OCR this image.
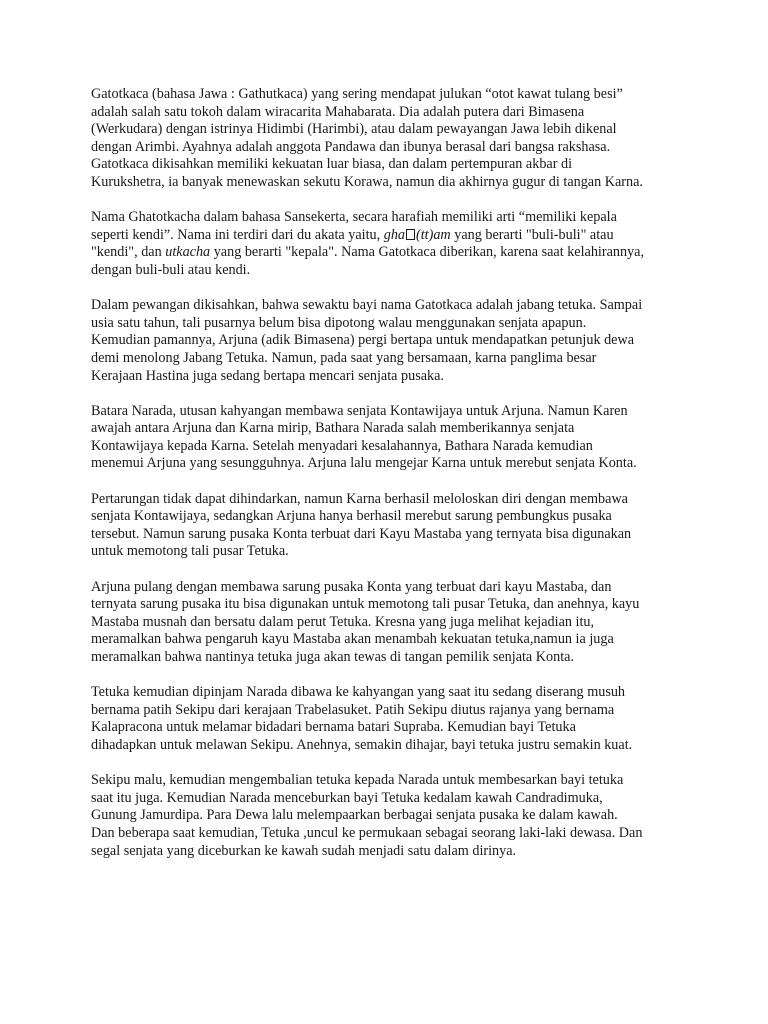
Gatotkaca (bahasa Jawa : Gathutkaca) yang sering mendapat julukan “otot kawat tulang besi”
adalah salah satu tokoh dalam wiracarita Mahabarata. Dia adalah putera dari Bimasena
(Werkudara) dengan istrinya Hidimbi (Harimbi), atau dalam pewayangan Jawa lebih dikenal
dengan Arimbi. Ayahnya adalah anggota Pandawa dan ibunya berasal dari bangsa rakshasa.
Gatotkaca dikisahkan memiliki kekuatan luar biasa, dan dalam pertempuran akbar di
Kurukshetra, ia banyak menewaskan sekutu Korawa, namun dia akhirnya gugur di tangan Karna.

Nama Ghatotkacha dalam bahasa Sansekerta, secara harafiah memiliki arti “memiliki kepala
seperti kendi”. Nama ini terdiri dari du akata yaitu, gha (tt)am yang berarti "buli-buli" atau
"kendi", dan utkacha yang berarti "kepala". Nama Gatotkaca diberikan, karena saat kelahirannya,
dengan buli-buli atau kendi.

Dalam pewangan dikisahkan, bahwa sewaktu bayi nama Gatotkaca adalah jabang tetuka. Sampai
usia satu tahun, tali pusarnya belum bisa dipotong walau menggunakan senjata apapun.
Kemudian pamannya, Arjuna (adik Bimasena) pergi bertapa untuk mendapatkan petunjuk dewa
demi menolong Jabang Tetuka. Namun, pada saat yang bersamaan, karna panglima besar
Kerajaan Hastina juga sedang bertapa mencari senjata pusaka.

Batara Narada, utusan kahyangan membawa senjata Kontawijaya untuk Arjuna. Namun Karen
awajah antara Arjuna dan Karna mirip, Bathara Narada salah memberikannya senjata
Kontawijaya kepada Karna. Setelah menyadari kesalahannya, Bathara Narada kemudian
menemui Arjuna yang sesungguhnya. Arjuna lalu mengejar Karna untuk merebut senjata Konta.

Pertarungan tidak dapat dihindarkan, namun Karna berhasil meloloskan diri dengan membawa
senjata Kontawijaya, sedangkan Arjuna hanya berhasil merebut sarung pembungkus pusaka
tersebut. Namun sarung pusaka Konta terbuat dari Kayu Mastaba yang ternyata bisa digunakan
untuk memotong tali pusar Tetuka.

Arjuna pulang dengan membawa sarung pusaka Konta yang terbuat dari kayu Mastaba, dan
ternyata sarung pusaka itu bisa digunakan untuk memotong tali pusar Tetuka, dan anehnya, kayu
Mastaba musnah dan bersatu dalam perut Tetuka. Kresna yang juga melihat kejadian itu,
meramalkan bahwa pengaruh kayu Mastaba akan menambah kekuatan tetuka,namun ia juga
meramalkan bahwa nantinya tetuka juga akan tewas di tangan pemilik senjata Konta.

Tetuka kemudian dipinjam Narada dibawa ke kahyangan yang saat itu sedang diserang musuh
bernama patih Sekipu dari kerajaan Trabelasuket. Patih Sekipu diutus rajanya yang bernama
Kalapracona untuk melamar bidadari bernama batari Supraba. Kemudian bayi Tetuka
dihadapkan untuk melawan Sekipu. Anehnya, semakin dihajar, bayi tetuka justru semakin kuat.

Sekipu malu, kemudian mengembalian tetuka kepada Narada untuk membesarkan bayi tetuka
saat itu juga. Kemudian Narada menceburkan bayi Tetuka kedalam kawah Candradimuka,
Gunung Jamurdipa. Para Dewa lalu melempaarkan berbagai senjata pusaka ke dalam kawah.
Dan beberapa saat kemudian, Tetuka ,uncul ke permukaan sebagai seorang laki-laki dewasa. Dan
segal senjata yang diceburkan ke kawah sudah menjadi satu dalam dirinya.
